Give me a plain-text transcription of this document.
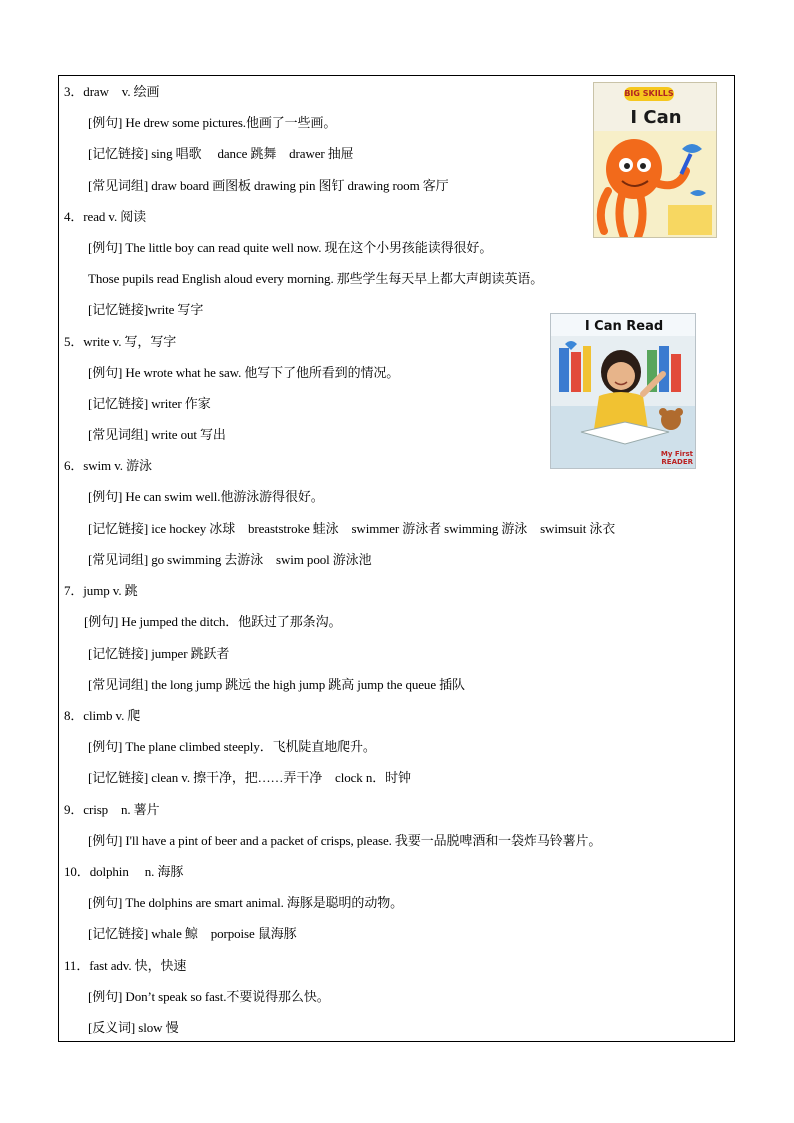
3．draw　v. 绘画
[例句] He drew some pictures.他画了一些画。
[记忆链接] sing 唱歌　 dance 跳舞　drawer 抽屉
[常见词组] draw board 画图板 drawing pin 图钉 drawing room 客厅
4．read v. 阅读
[例句] The little boy can read quite well now. 现在这个小男孩能读得很好。
Those pupils read English aloud every morning. 那些学生每天早上都大声朗读英语。
[记忆链接]write 写字
5．write v. 写，写字
[例句] He wrote what he saw. 他写下了他所看到的情况。
[记忆链接] writer 作家
[常见词组] write out 写出
6．swim v. 游泳
[例句] He can swim well.他游泳游得很好。
[记忆链接] ice hockey 冰球　breaststroke 蛙泳　swimmer 游泳者 swimming 游泳　swimsuit 泳衣
[常见词组] go swimming 去游泳　swim pool 游泳池
7．jump v. 跳
[例句] He jumped the ditch．他跃过了那条沟。
[记忆链接] jumper 跳跃者
[常见词组] the long jump 跳远 the high jump 跳高 jump the queue 插队
8．climb v. 爬
[例句] The plane climbed steeply．飞机陡直地爬升。
[记忆链接] clean v. 擦干净，把……弄干净　clock n．时钟
9．crisp　n. 薯片
[例句] I'll have a pint of beer and a packet of crisps, please. 我要一品脱啤酒和一袋炸马铃薯片。
10．dolphin　 n. 海豚
[例句] The dolphins are smart animal. 海豚是聪明的动物。
[记忆链接] whale 鲸　porpoise 鼠海豚
11．fast adv. 快，快速
[例句] Don’t speak so fast.不要说得那么快。
[反义词] slow 慢
BIG SKILLS
I Can
I Can Read
My First
READER
